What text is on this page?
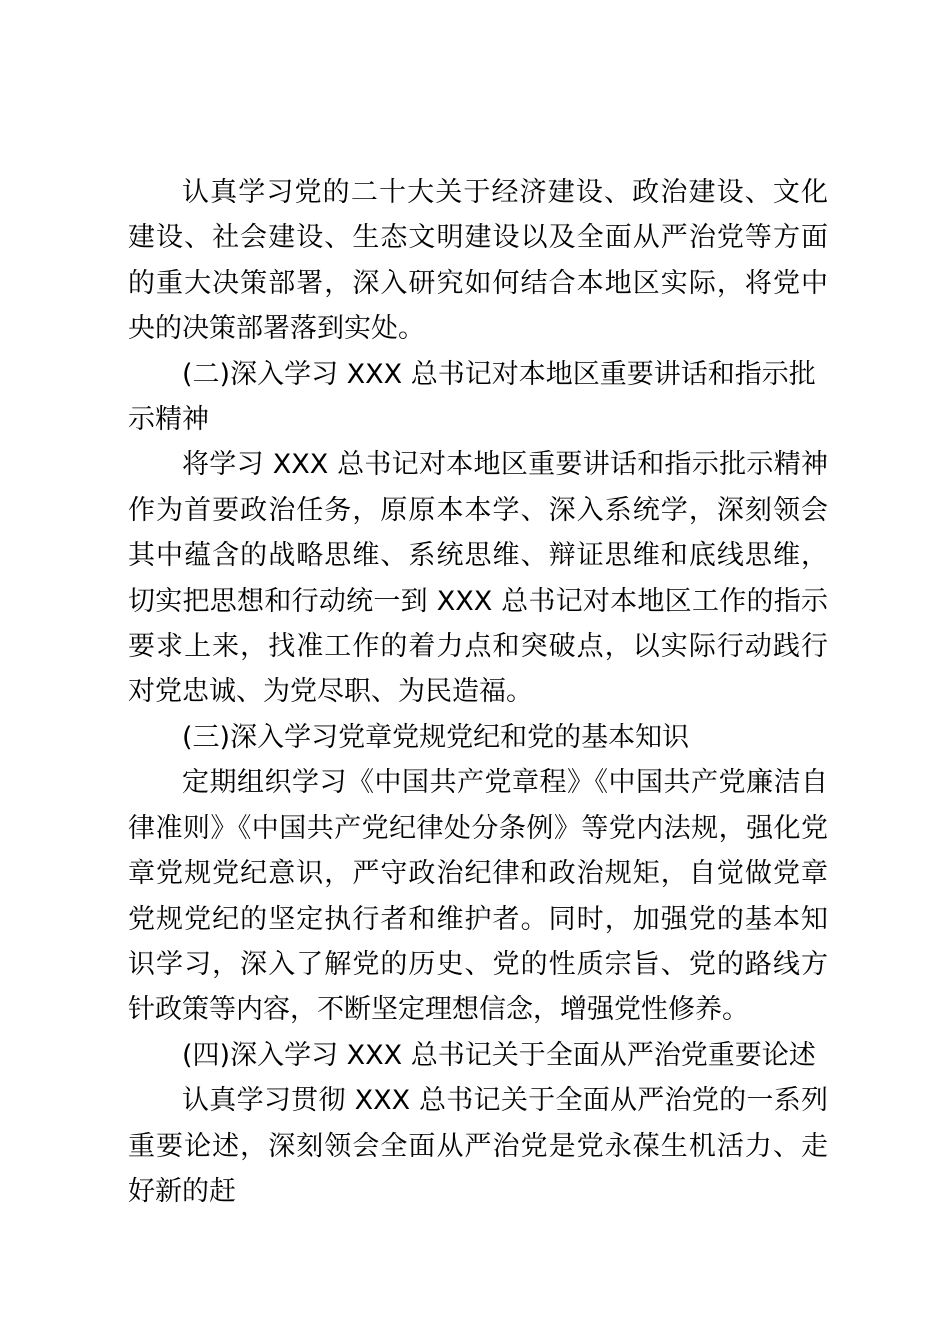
认真学习党的二十大关于经济建设、政治建设、文化建设、社会建设、生态文明建设以及全面从严治党等方面的重大决策部署，深入研究如何结合本地区实际，将党中央的决策部署落到实处。

(二)深入学习 XXX 总书记对本地区重要讲话和指示批示精神

将学习 XXX 总书记对本地区重要讲话和指示批示精神作为首要政治任务，原原本本学、深入系统学，深刻领会其中蕴含的战略思维、系统思维、辩证思维和底线思维，切实把思想和行动统一到 XXX 总书记对本地区工作的指示要求上来，找准工作的着力点和突破点，以实际行动践行对党忠诚、为党尽职、为民造福。

(三)深入学习党章党规党纪和党的基本知识

定期组织学习《中国共产党章程》《中国共产党廉洁自律准则》《中国共产党纪律处分条例》等党内法规，强化党章党规党纪意识，严守政治纪律和政治规矩，自觉做党章党规党纪的坚定执行者和维护者。同时，加强党的基本知识学习，深入了解党的历史、党的性质宗旨、党的路线方针政策等内容，不断坚定理想信念，增强党性修养。

(四)深入学习 XXX 总书记关于全面从严治党重要论述

认真学习贯彻 XXX 总书记关于全面从严治党的一系列重要论述，深刻领会全面从严治党是党永葆生机活力、走好新的赶
